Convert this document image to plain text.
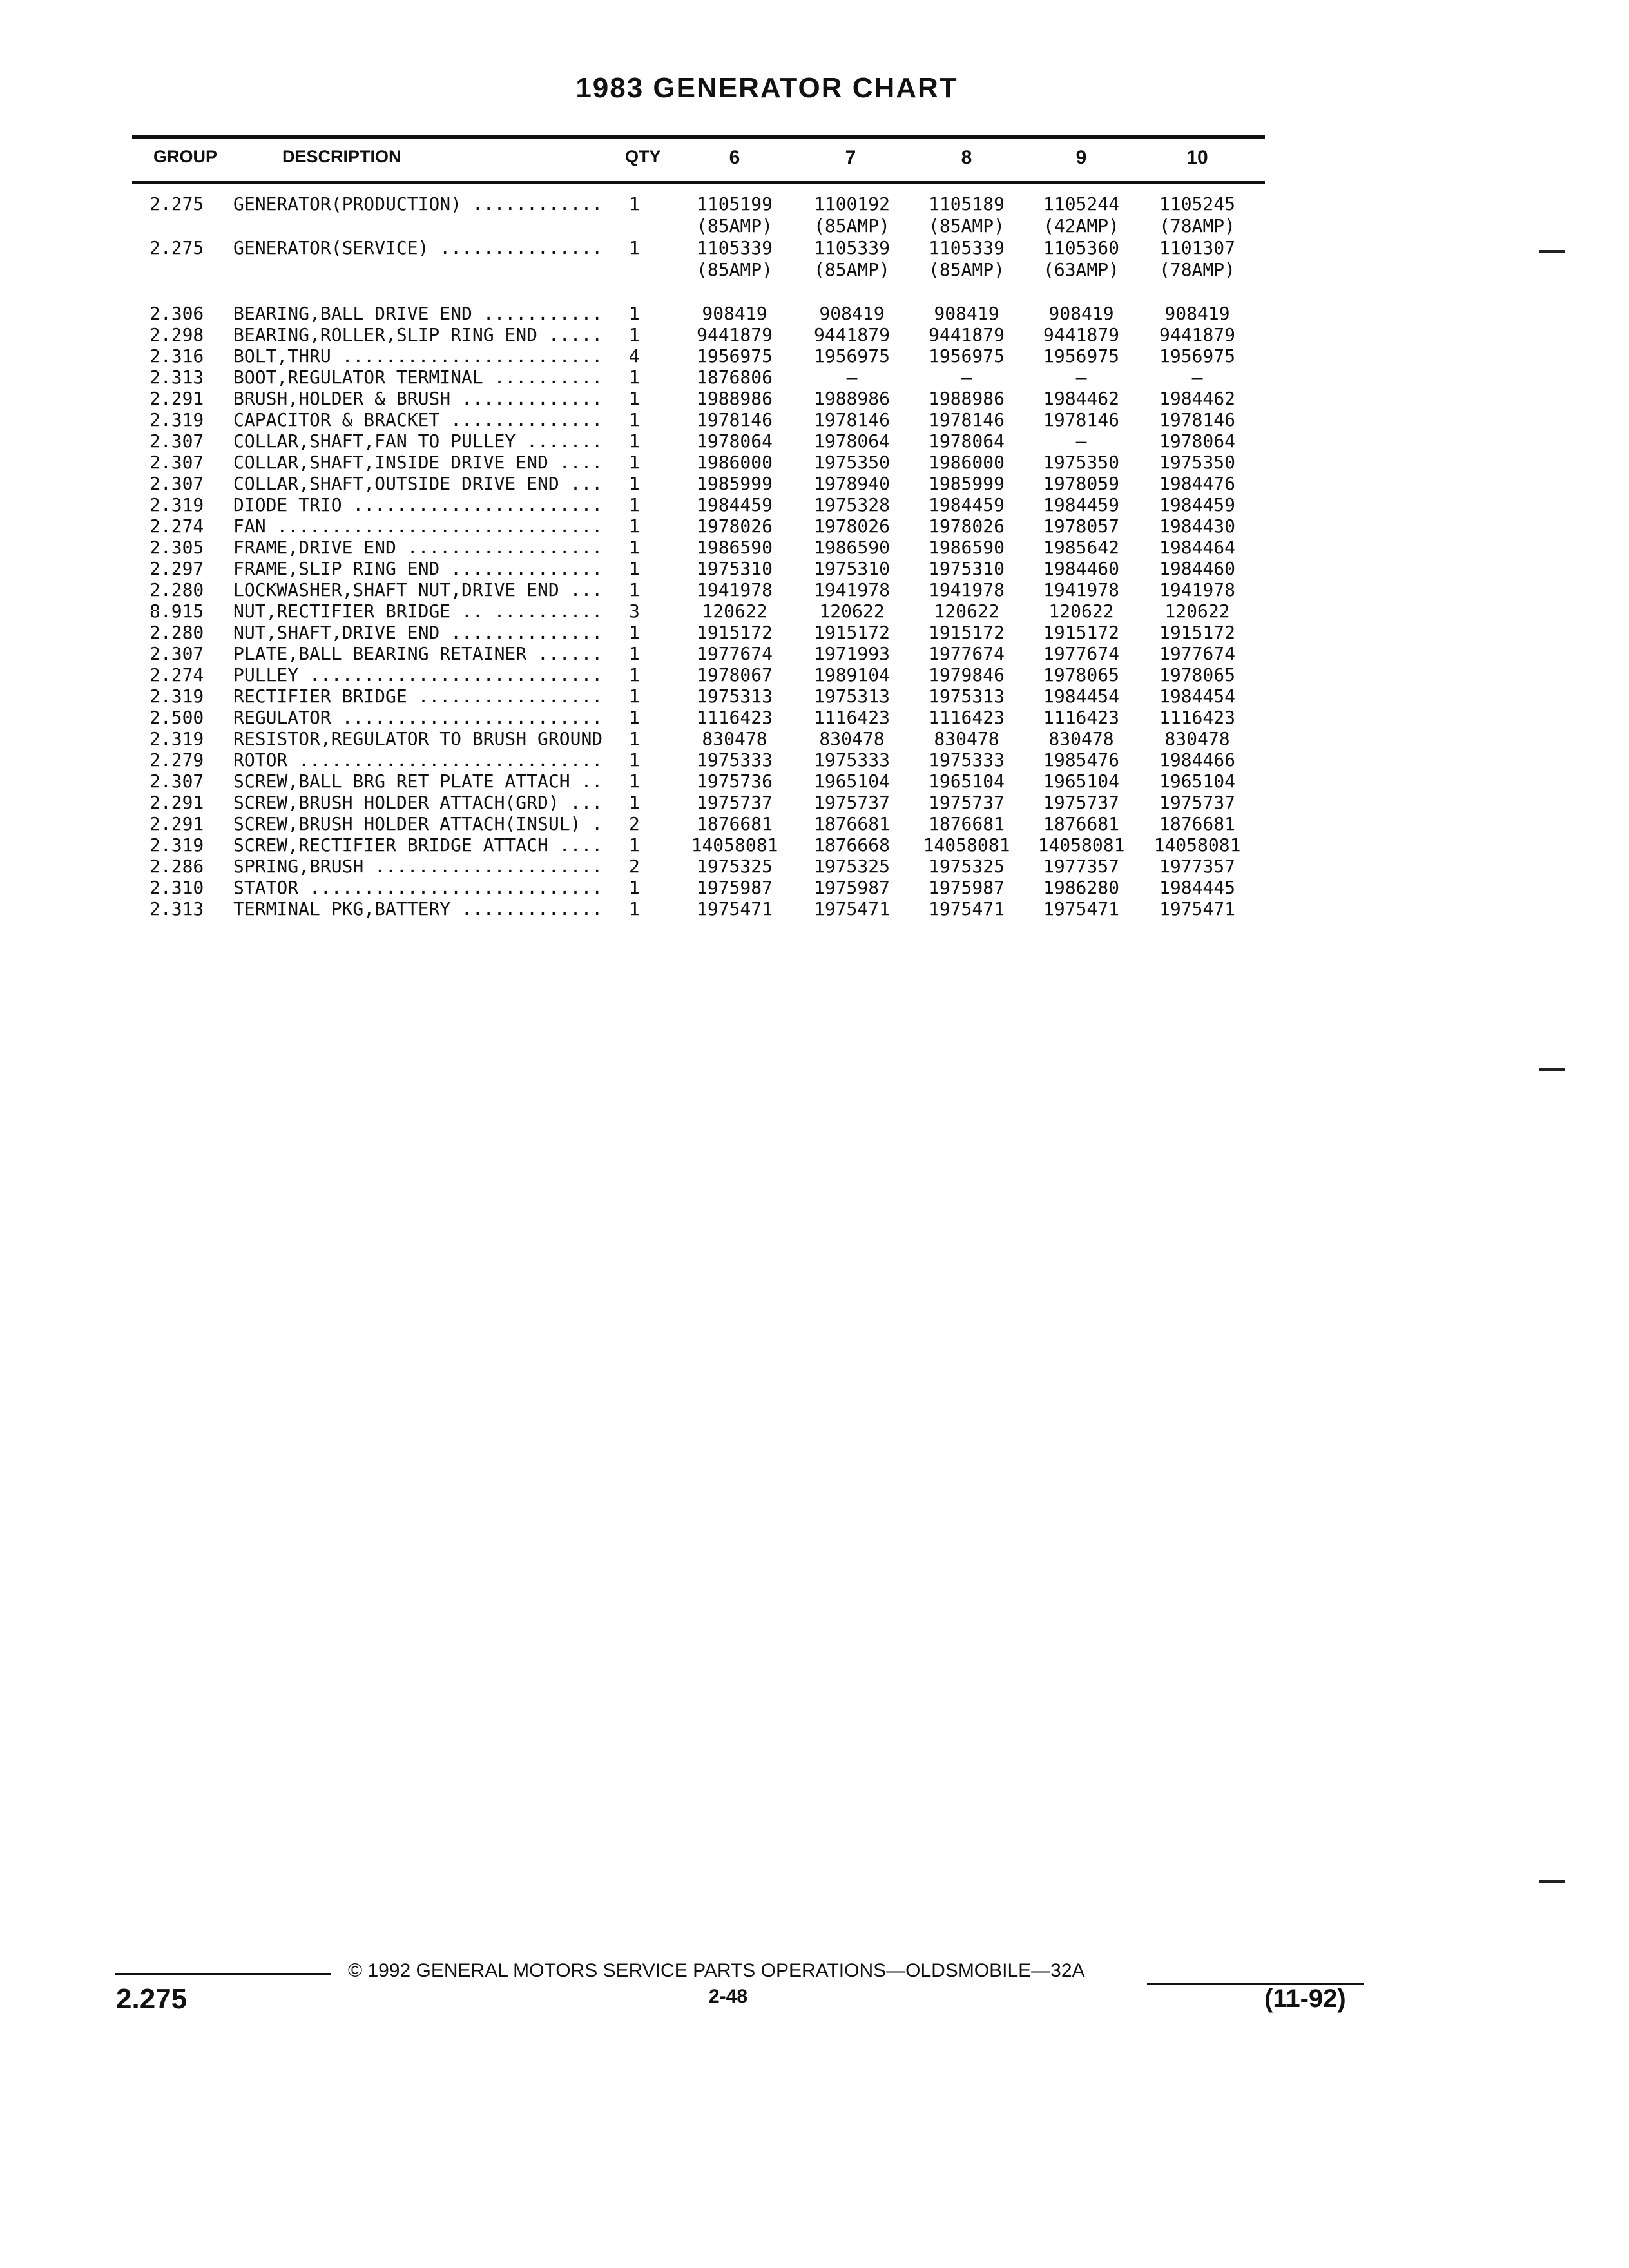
1983 GENERATOR CHART
GROUP	DESCRIPTION	QTY	6	7	8	9	10
2.275 GENERATOR(PRODUCTION) ............	1	1105199	1100192	1105189	1105244	1105245
(85AMP)	(85AMP)	(85AMP)	(42AMP)	(78AMP)
2.275 GENERATOR(SERVICE) ...............	1	1105339	1105339	1105339	1105360	1101307
(85AMP)	(85AMP)	(85AMP)	(63AMP)	(78AMP)
2.306 BEARING,BALL DRIVE END ...........	1	908419	908419	908419	908419	908419
2.298 BEARING,ROLLER,SLIP RING END .....	1	9441879	9441879	9441879	9441879	9441879
2.316 BOLT,THRU ........................	4	1956975	1956975	1956975	1956975	1956975
2.313 BOOT,REGULATOR TERMINAL ..........	1	1876806	—	—	—	—
2.291 BRUSH,HOLDER & BRUSH .............	1	1988986	1988986	1988986	1984462	1984462
2.319 CAPACITOR & BRACKET ..............	1	1978146	1978146	1978146	1978146	1978146
2.307 COLLAR,SHAFT,FAN TO PULLEY .......	1	1978064	1978064	1978064	—	1978064
2.307 COLLAR,SHAFT,INSIDE DRIVE END ....	1	1986000	1975350	1986000	1975350	1975350
2.307 COLLAR,SHAFT,OUTSIDE DRIVE END ...	1	1985999	1978940	1985999	1978059	1984476
2.319 DIODE TRIO .......................	1	1984459	1975328	1984459	1984459	1984459
2.274 FAN ..............................	1	1978026	1978026	1978026	1978057	1984430
2.305 FRAME,DRIVE END ..................	1	1986590	1986590	1986590	1985642	1984464
2.297 FRAME,SLIP RING END ..............	1	1975310	1975310	1975310	1984460	1984460
2.280 LOCKWASHER,SHAFT NUT,DRIVE END ...	1	1941978	1941978	1941978	1941978	1941978
8.915 NUT,RECTIFIER BRIDGE .. ..........	3	120622	120622	120622	120622	120622
2.280 NUT,SHAFT,DRIVE END ..............	1	1915172	1915172	1915172	1915172	1915172
2.307 PLATE,BALL BEARING RETAINER ......	1	1977674	1971993	1977674	1977674	1977674
2.274 PULLEY ...........................	1	1978067	1989104	1979846	1978065	1978065
2.319 RECTIFIER BRIDGE .................	1	1975313	1975313	1975313	1984454	1984454
2.500 REGULATOR ........................	1	1116423	1116423	1116423	1116423	1116423
2.319 RESISTOR,REGULATOR TO BRUSH GROUND	1	830478	830478	830478	830478	830478
2.279 ROTOR ............................	1	1975333	1975333	1975333	1985476	1984466
2.307 SCREW,BALL BRG RET PLATE ATTACH ..	1	1975736	1965104	1965104	1965104	1965104
2.291 SCREW,BRUSH HOLDER ATTACH(GRD) ...	1	1975737	1975737	1975737	1975737	1975737
2.291 SCREW,BRUSH HOLDER ATTACH(INSUL) .	2	1876681	1876681	1876681	1876681	1876681
2.319 SCREW,RECTIFIER BRIDGE ATTACH ....	1	14058081	1876668	14058081	14058081	14058081
2.286 SPRING,BRUSH .....................	2	1975325	1975325	1975325	1977357	1977357
2.310 STATOR ...........................	1	1975987	1975987	1975987	1986280	1984445
2.313 TERMINAL PKG,BATTERY .............	1	1975471	1975471	1975471	1975471	1975471
© 1992 GENERAL MOTORS SERVICE PARTS OPERATIONS—OLDSMOBILE—32A
2.275	2-48	(11-92)
